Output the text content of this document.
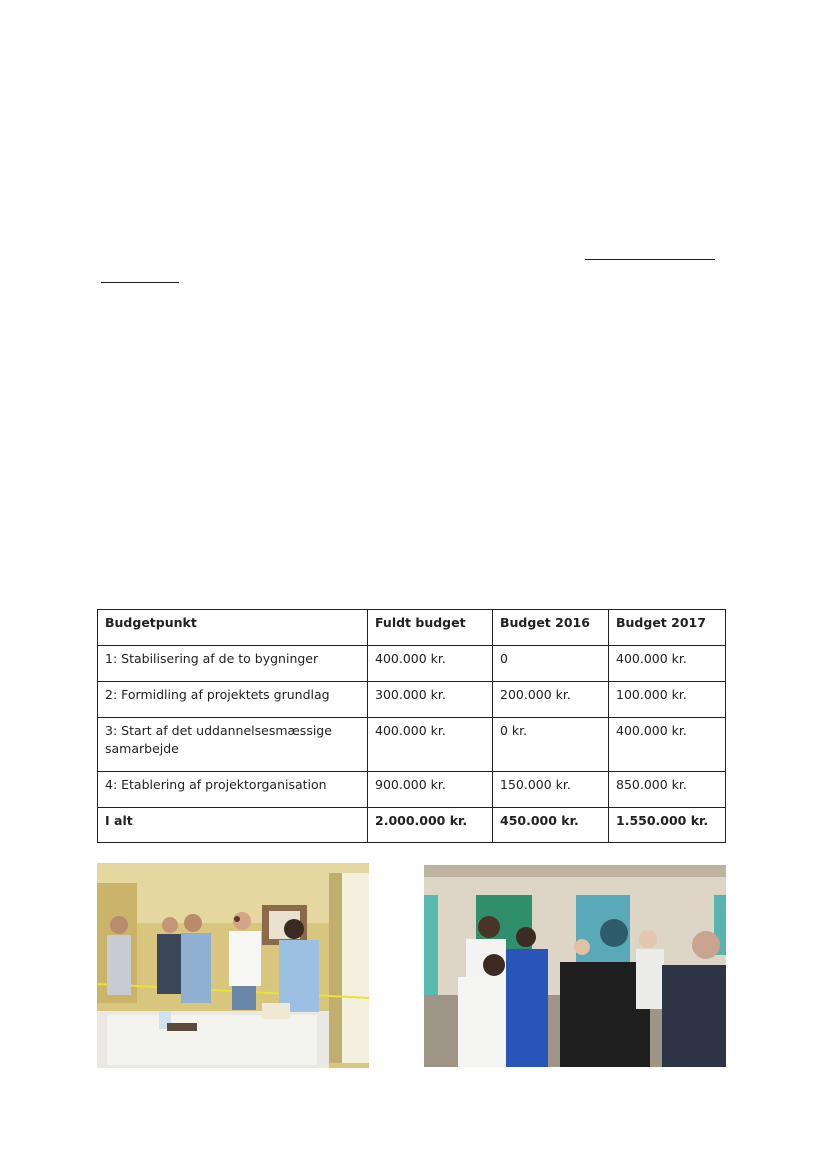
Budgetpunkt	Fuldt budget	Budget 2016	Budget 2017
1: Stabilisering af de to bygninger	400.000 kr.	0	400.000 kr.
2: Formidling af projektets grundlag	300.000 kr.	200.000 kr.	100.000 kr.
3: Start af det uddannelsesmæssige samarbejde	400.000 kr.	0 kr.	400.000 kr.
4: Etablering af projektorganisation	900.000 kr.	150.000 kr.	850.000 kr.
I alt	2.000.000 kr.	450.000 kr.	1.550.000 kr.
